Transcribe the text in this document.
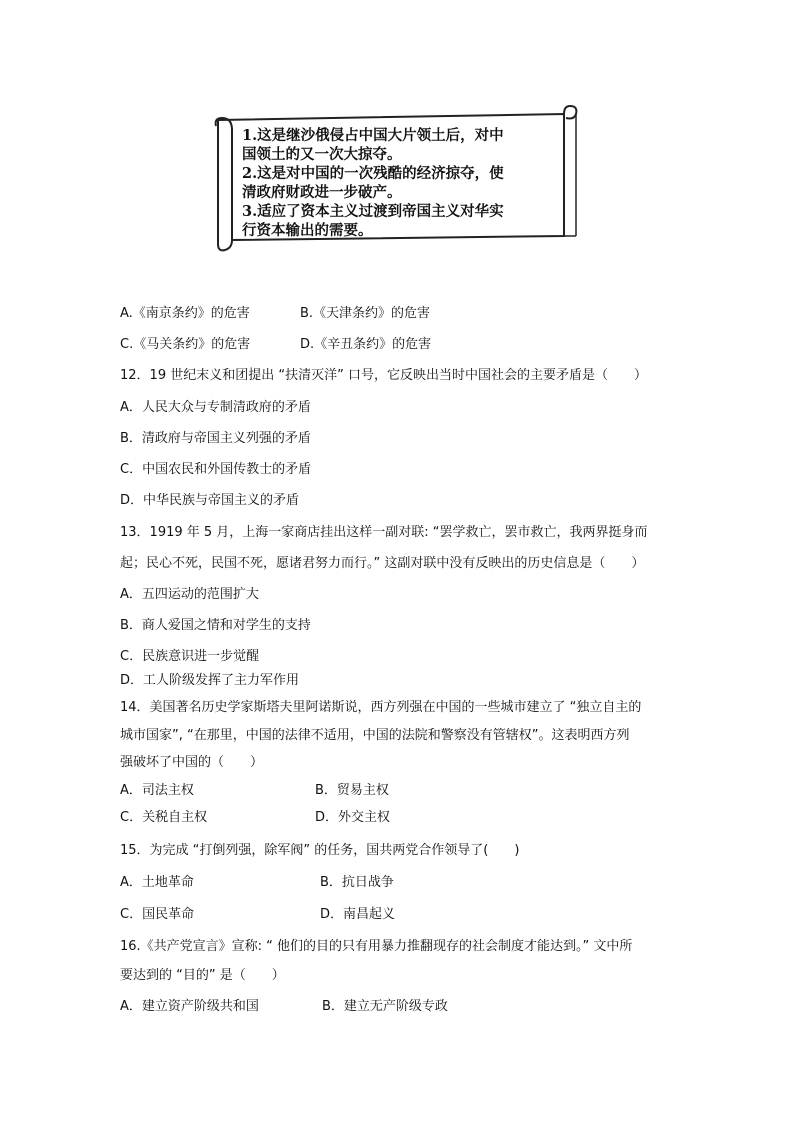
1.这是继沙俄侵占中国大片领土后，对中
国领土的又一次大掠夺。
2.这是对中国的一次残酷的经济掠夺，使
清政府财政进一步破产。
3.适应了资本主义过渡到帝国主义对华实
行资本输出的需要。
A.《南京条约》的危害	B.《天津条约》的危害
C.《马关条约》的危害	D.《辛丑条约》的危害
12．19 世纪末义和团提出 “扶清灭洋” 口号，它反映出当时中国社会的主要矛盾是（　　）
A．人民大众与专制清政府的矛盾
B．清政府与帝国主义列强的矛盾
C．中国农民和外国传教士的矛盾
D．中华民族与帝国主义的矛盾
13．1919 年 5 月，上海一家商店挂出这样一副对联: “罢学救亡，罢市救亡，我两界挺身而
起；民心不死，民国不死，愿诸君努力而行。” 这副对联中没有反映出的历史信息是（　　）
A．五四运动的范围扩大
B．商人爱国之情和对学生的支持
C．民族意识进一步觉醒
D．工人阶级发挥了主力军作用
14．美国著名历史学家斯塔夫里阿诺斯说，西方列强在中国的一些城市建立了 “独立自主的
城市国家”, “在那里，中国的法律不适用，中国的法院和警察没有管辖权”。这表明西方列
强破坏了中国的（　　）
A．司法主权	B．贸易主权
C．关税自主权	D．外交主权
15．为完成 “打倒列强，除军阀” 的任务，国共两党合作领导了(　　)
A．土地革命	B．抗日战争
C．国民革命	D．南昌起义
16.《共产党宣言》宣称: “ 他们的目的只有用暴力推翻现存的社会制度才能达到。” 文中所
要达到的 “目的” 是（　　）
A．建立资产阶级共和国	B．建立无产阶级专政
